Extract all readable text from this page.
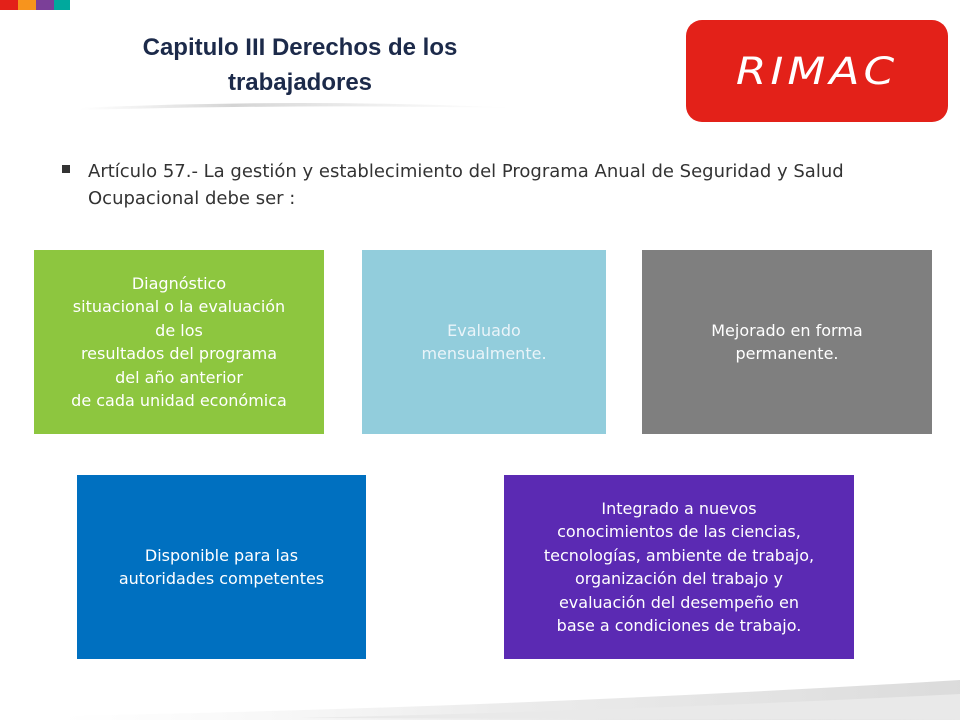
Capitulo III Derechos de los trabajadores	RIMAC
Artículo 57.- La gestión y establecimiento del Programa Anual de Seguridad y Salud Ocupacional debe ser :
Diagnóstico
situacional o la evaluación
de los
resultados del programa
del año anterior
de cada unidad económica
Evaluado
mensualmente.
Mejorado en forma
permanente.
Disponible para las
autoridades competentes
Integrado a nuevos
conocimientos de las ciencias,
tecnologías, ambiente de trabajo,
organización del trabajo y
evaluación del desempeño en
base a condiciones de trabajo.
